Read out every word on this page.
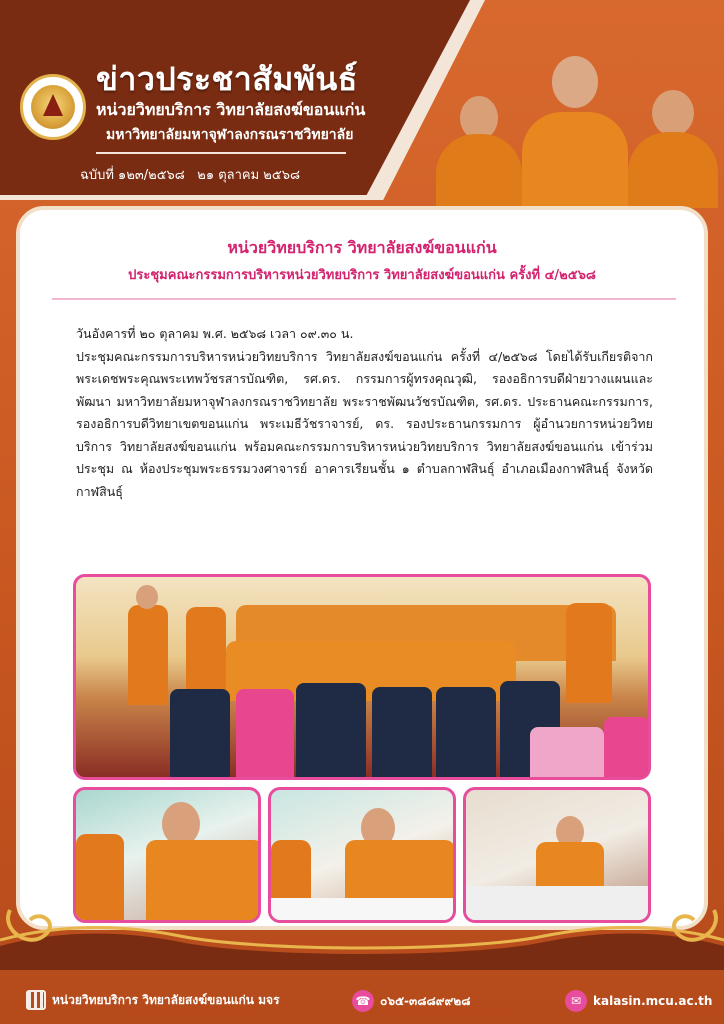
ข่าวประชาสัมพันธ์
หน่วยวิทยบริการ วิทยาลัยสงฆ์ขอนแก่น
มหาวิทยาลัยมหาจุฬาลงกรณราชวิทยาลัย
ฉบับที่ ๑๒๓/๒๕๖๘ ๒๑ ตุลาคม ๒๕๖๘
หน่วยวิทยบริการ วิทยาลัยสงฆ์ขอนแก่น
ประชุมคณะกรรมการบริหารหน่วยวิทยบริการ วิทยาลัยสงฆ์ขอนแก่น ครั้งที่ ๔/๒๕๖๘
วันอังคารที่ ๒๐ ตุลาคม พ.ศ. ๒๕๖๘ เวลา ๐๙.๓๐ น.
ประชุมคณะกรรมการบริหารหน่วยวิทยบริการ วิทยาลัยสงฆ์ขอนแก่น ครั้งที่ ๔/๒๕๖๘ โดยได้รับเกียรติจาก พระเดชพระคุณพระเทพวัชรสารบัณฑิต, รศ.ดร. กรรมการผู้ทรงคุณวุฒิ, รองอธิการบดีฝ่ายวางแผนและพัฒนา มหาวิทยาลัยมหาจุฬาลงกรณราชวิทยาลัย พระราชพัฒนวัชรบัณฑิต, รศ.ดร. ประธานคณะกรรมการ, รองอธิการบดีวิทยาเขตขอนแก่น พระเมธีวัชราจารย์, ดร. รองประธานกรรมการ ผู้อำนวยการหน่วยวิทยบริการ วิทยาลัยสงฆ์ขอนแก่น พร้อมคณะกรรมการบริหารหน่วยวิทยบริการ วิทยาลัยสงฆ์ขอนแก่น เข้าร่วมประชุม ณ ห้องประชุมพระธรรมวงศาจารย์ อาคารเรียนชั้น ๑ ตำบลกาฬสินธุ์ อำเภอเมืองกาฬสินธุ์ จังหวัดกาฬสินธุ์
หน่วยวิทยบริการ วิทยาลัยสงฆ์ขอนแก่น มจร	☎ ๐๖๕-๓๘๘๙๙๒๘	✉ kalasin.mcu.ac.th
